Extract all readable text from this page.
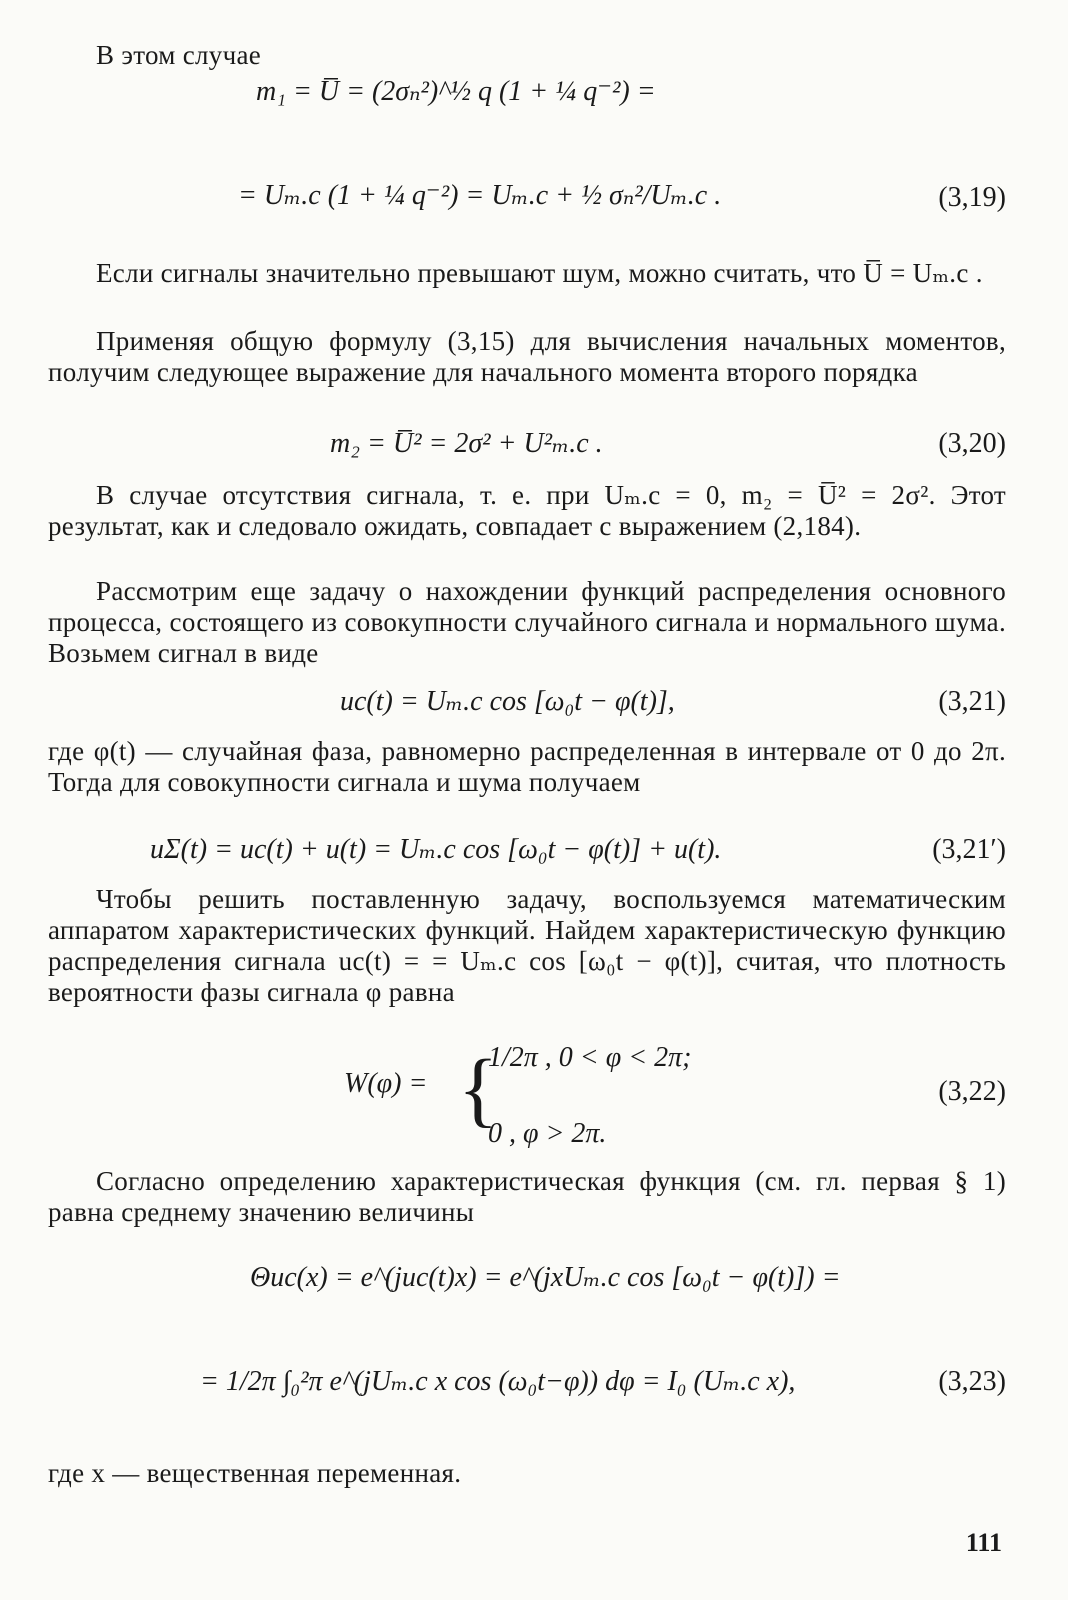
В этом случае

m₁ = U̅ = (2σₙ²)^½ q (1 + ¼ q⁻²) =
= Uₘ.с (1 + ¼ q⁻²) = Uₘ.с + ½ σₙ²/Uₘ.с .	(3,19)

Если сигналы значительно превышают шум, можно считать, что U̅ = Uₘ.с .

Применяя общую формулу (3,15) для вычисления начальных моментов, получим следующее выражение для начального момента второго порядка

m₂ = U̅² = 2σ² + U²ₘ.с .	(3,20)

В случае отсутствия сигнала, т. е. при Uₘ.с = 0, m₂ = U̅² = 2σ². Этот результат, как и следовало ожидать, совпадает с выражением (2,184).

Рассмотрим еще задачу о нахождении функций распределения основного процесса, состоящего из совокупности случайного сигнала и нормального шума. Возьмем сигнал в виде

uс(t) = Uₘ.с cos [ω₀t − φ(t)],	(3,21)

где φ(t) — случайная фаза, равномерно распределенная в интервале от 0 до 2π. Тогда для совокупности сигнала и шума получаем

uΣ(t) = uс(t) + u(t) = Uₘ.с cos [ω₀t − φ(t)] + u(t).	(3,21′)

Чтобы решить поставленную задачу, воспользуемся математическим аппаратом характеристических функций. Найдем характеристическую функцию распределения сигнала uс(t) = = Uₘ.с cos [ω₀t − φ(t)], считая, что плотность вероятности фазы сигнала φ равна

W(φ) = {
1/2π , 0 < φ < 2π;
0 , φ > 2π.
(3,22)

Согласно определению характеристическая функция (см. гл. первая § 1) равна среднему значению величины

Θuс(x) = e^(juс(t)x) = e^(jxUₘ.с cos [ω₀t − φ(t)]) =
= 1/2π ∫₀²π e^(jUₘ.с x cos (ω₀t−φ)) dφ = I₀ (Uₘ.с x),	(3,23)

где x — вещественная переменная.

111
